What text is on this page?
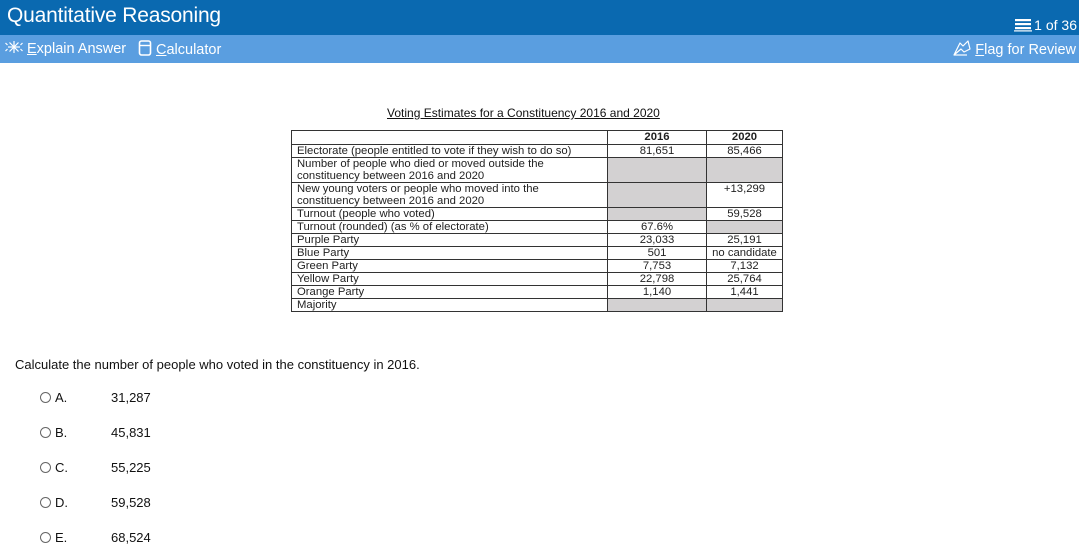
Quantitative Reasoning	1 of 36
Explain Answer Calculator	Flag for Review
Voting Estimates for a Constituency 2016 and 2020
	2016	2020
Electorate (people entitled to vote if they wish to do so)	81,651	85,466

Number of people who died or moved outside the
constituency between 2016 and 2020		

New young voters or people who moved into the
constituency between 2016 and 2020		+13,299
Turnout (people who voted)		59,528
Turnout (rounded) (as % of electorate)	67.6%	
Purple Party	23,033	25,191
Blue Party	501	no candidate
Green Party	7,753	7,132
Yellow Party	22,798	25,764
Orange Party	1,140	1,441
Majority		
Calculate the number of people who voted in the constituency in 2016.
A.	31,287
B.	45,831
C.	55,225
D.	59,528
E.	68,524
